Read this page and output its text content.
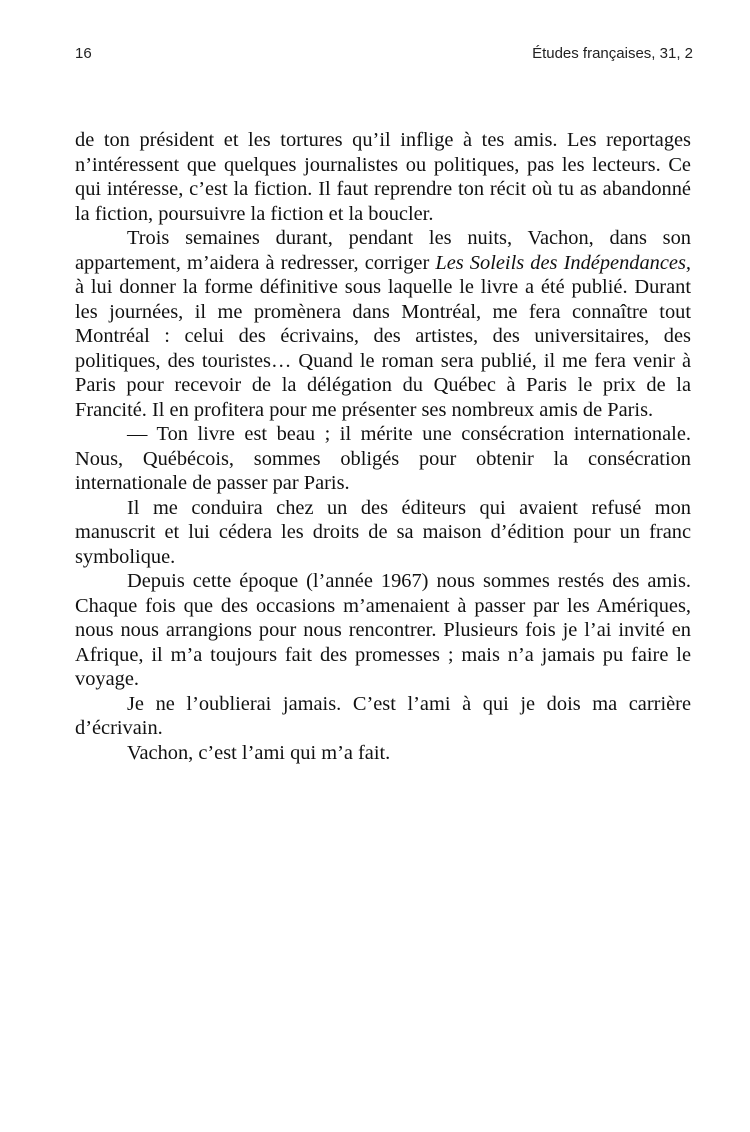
16	Études françaises, 31, 2

de ton président et les tortures qu’il inflige à tes amis. Les reportages n’intéressent que quelques journalistes ou politiques, pas les lecteurs. Ce qui intéresse, c’est la fiction. Il faut reprendre ton récit où tu as abandonné la fiction, poursuivre la fiction et la boucler.

Trois semaines durant, pendant les nuits, Vachon, dans son appartement, m’aidera à redresser, corriger Les Soleils des Indépendances, à lui donner la forme définitive sous laquelle le livre a été publié. Durant les journées, il me promènera dans Montréal, me fera connaître tout Montréal : celui des écrivains, des artistes, des universitaires, des politiques, des touristes… Quand le roman sera publié, il me fera venir à Paris pour recevoir de la délégation du Québec à Paris le prix de la Francité. Il en profitera pour me présenter ses nombreux amis de Paris.

— Ton livre est beau ; il mérite une consécration internationale. Nous, Québécois, sommes obligés pour obtenir la consécration internationale de passer par Paris.

Il me conduira chez un des éditeurs qui avaient refusé mon manuscrit et lui cédera les droits de sa maison d’édition pour un franc symbolique.

Depuis cette époque (l’année 1967) nous sommes restés des amis. Chaque fois que des occasions m’amenaient à passer par les Amériques, nous nous arrangions pour nous rencontrer. Plusieurs fois je l’ai invité en Afrique, il m’a toujours fait des promesses ; mais n’a jamais pu faire le voyage.

Je ne l’oublierai jamais. C’est l’ami à qui je dois ma carrière d’écrivain.

Vachon, c’est l’ami qui m’a fait.
